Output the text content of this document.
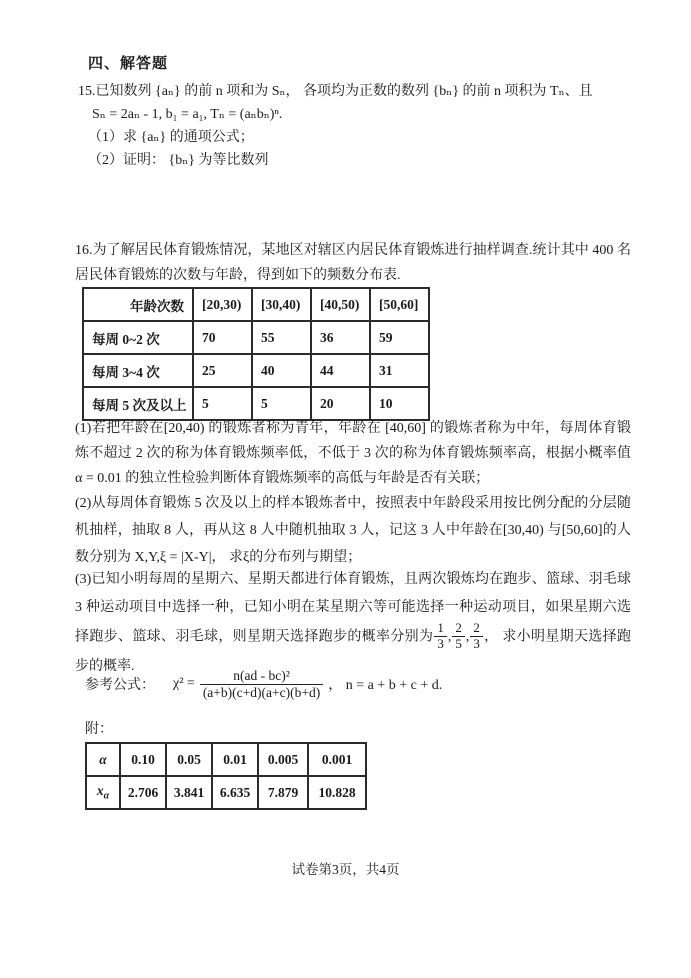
四、解答题
15.已知数列 {aₙ} 的前 n 项和为 Sₙ， 各项均为正数的数列 {bₙ} 的前 n 项积为 Tₙ、且
Sₙ = 2aₙ - 1, b₁ = a₁, Tₙ = (aₙbₙ)ⁿ.
（1）求 {aₙ} 的通项公式；
（2）证明： {bₙ} 为等比数列
16.为了解居民体育锻炼情况，某地区对辖区内居民体育锻炼进行抽样调查.统计其中 400 名居民体育锻炼的次数与年龄，得到如下的频数分布表.
年龄次数	[20,30)	[30,40)	[40,50)	[50,60]
每周 0~2 次	70	55	36	59
每周 3~4 次	25	40	44	31
每周 5 次及以上	5	5	20	10
(1)若把年龄在[20,40) 的锻炼者称为青年，年龄在 [40,60] 的锻炼者称为中年，每周体育锻炼不超过 2 次的称为体育锻炼频率低，不低于 3 次的称为体育锻炼频率高，根据小概率值 α = 0.01 的独立性检验判断体育锻炼频率的高低与年龄是否有关联；
(2)从每周体育锻炼 5 次及以上的样本锻炼者中，按照表中年龄段采用按比例分配的分层随机抽样，抽取 8 人，再从这 8 人中随机抽取 3 人，记这 3 人中年龄在[30,40) 与[50,60]的人数分别为 X,Y,ξ = |X-Y|， 求ξ的分布列与期望；
(3)已知小明每周的星期六、星期天都进行体育锻炼，且两次锻炼均在跑步、篮球、羽毛球 3 种运动项目中选择一种，已知小明在某星期六等可能选择一种运动项目，如果星期六选择跑步、篮球、羽毛球，则星期天选择跑步的概率分别为 $\frac{1}{3}$ , $\frac{2}{5}$ , $\frac{2}{3}$ ， 求小明星期天选择跑步的概率.
参考公式： $\chi^2 = \frac{\text{n(ad - bc)²}}{(a+b)(c+d)(a+c)(b+d)}$ ， n = a + b + c + d.
附：
α	0.10	0.05	0.01	0.005	0.001
$x_\alpha$	2.706	3.841	6.635	7.879	10.828
试卷第3页，共4页
